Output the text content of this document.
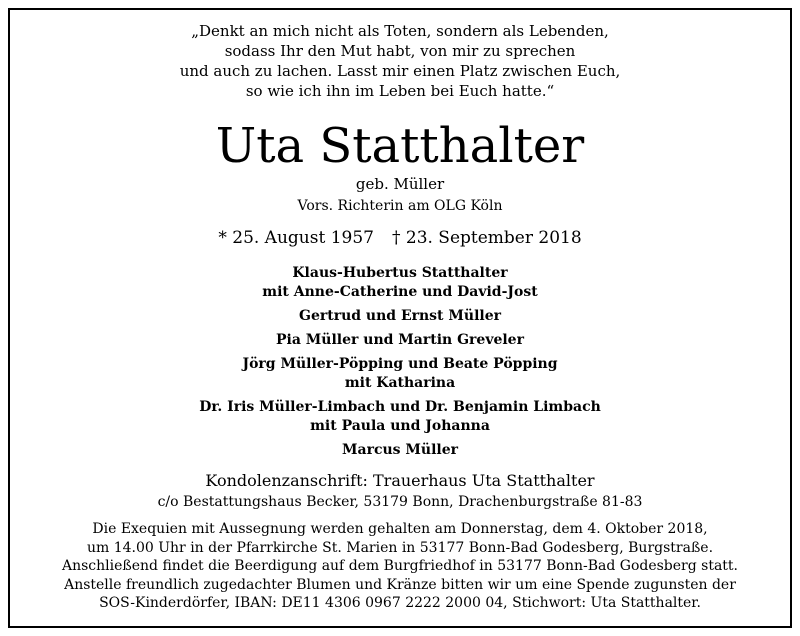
„Denkt an mich nicht als Toten, sondern als Lebenden,
sodass Ihr den Mut habt, von mir zu sprechen
und auch zu lachen. Lasst mir einen Platz zwischen Euch,
so wie ich ihn im Leben bei Euch hatte.“
Uta Statthalter
geb. Müller
Vors. Richterin am OLG Köln
* 25. August 1957 † 23. September 2018
Klaus-Hubertus Statthalter
mit Anne-Catherine und David-Jost
Gertrud und Ernst Müller
Pia Müller und Martin Greveler
Jörg Müller-Pöpping und Beate Pöpping
mit Katharina
Dr. Iris Müller-Limbach und Dr. Benjamin Limbach
mit Paula und Johanna
Marcus Müller
Kondolenzanschrift: Trauerhaus Uta Statthalter
c/o Bestattungshaus Becker, 53179 Bonn, Drachenburgstraße 81-83
Die Exequien mit Aussegnung werden gehalten am Donnerstag, dem 4. Oktober 2018,
um 14.00 Uhr in der Pfarrkirche St. Marien in 53177 Bonn-Bad Godesberg, Burgstraße.
Anschließend findet die Beerdigung auf dem Burgfriedhof in 53177 Bonn-Bad Godesberg statt.
Anstelle freundlich zugedachter Blumen und Kränze bitten wir um eine Spende zugunsten der
SOS-Kinderdörfer, IBAN: DE11 4306 0967 2222 2000 04, Stichwort: Uta Statthalter.
